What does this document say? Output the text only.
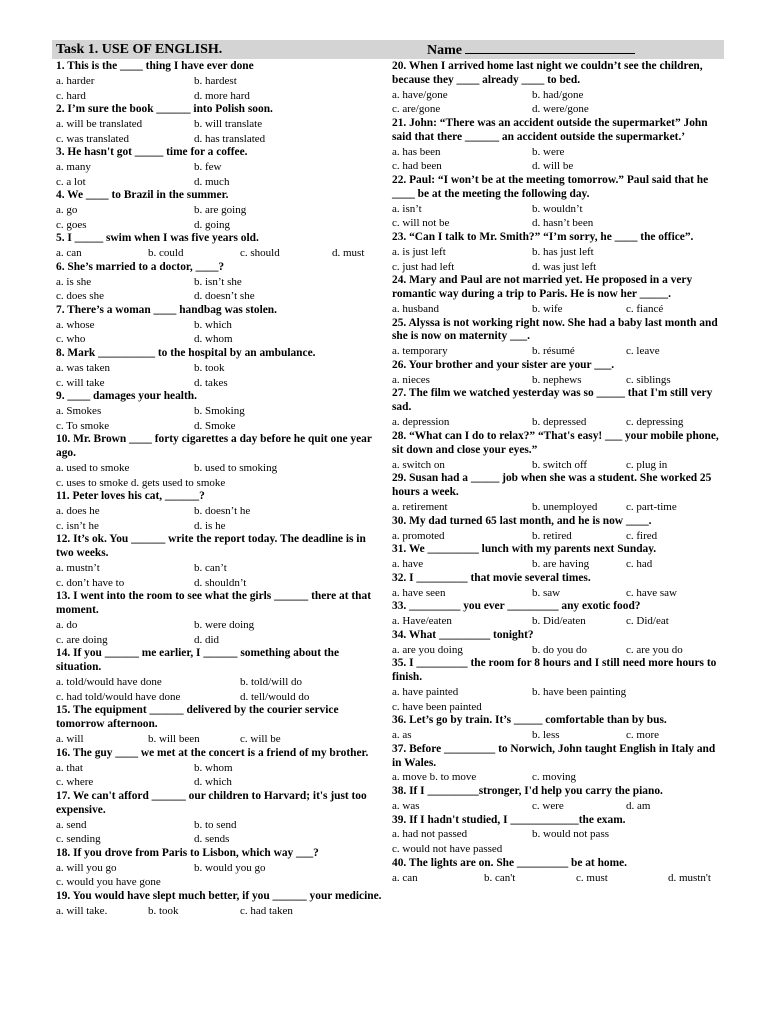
Task 1. USE OF ENGLISH.	Name
1. This is the ____ thing I have ever done
a. harder	b. hardest
c. hard	d. more hard
2. I’m sure the book ______ into Polish soon.
a. will be translated	b. will translate
c. was translated	d. has translated
3. He hasn't got _____ time for a coffee.
a. many	b. few
c. a lot	d. much
4. We ____ to Brazil in the summer.
a. go	b. are going
c. goes	d. going
5. I _____ swim when I was five years old.
a. can	b. could	c. should	d. must
6. She’s married to a doctor, ____?
a. is she	b. isn’t she
c. does she	d. doesn’t she
7. There’s a woman ____ handbag was stolen.
a. whose	b. which
c. who	d. whom
8. Mark __________ to the hospital by an ambulance.
a. was taken	b. took
c. will take	d. takes
9. ____ damages your health.
a. Smokes	b. Smoking
c. To smoke	d. Smoke
10. Mr. Brown ____ forty cigarettes a day before he quit one year ago.
a. used to smoke	b. used to smoking
c. uses to smoke d. gets used to smoke
11. Peter loves his cat, ______?
a. does he	b. doesn’t he
c. isn’t he	d. is he
12. It’s ok. You ______ write the report today. The deadline is in two weeks.
a. mustn’t	b. can’t
c. don’t have to	d. shouldn’t
13. I went into the room to see what the girls ______ there at that moment.
a. do	b. were doing
c. are doing	d. did
14. If you ______ me earlier, I ______ something about the situation.
a. told/would have done	b. told/will do
c. had told/would have done	d. tell/would do
15. The equipment ______ delivered by the courier service tomorrow afternoon.
a. will	b. will been	c. will be
16. The guy ____ we met at the concert is a friend of my brother.
a. that	b. whom
c. where	d. which
17. We can't afford ______ our children to Harvard; it's just too expensive.
a. send	b. to send
c. sending	d. sends
18. If you drove from Paris to Lisbon, which way ___?
a. will you go	b. would you go
c. would you have gone
19. You would have slept much better, if you ______ your medicine.
a. will take.	b. took	c. had taken
20. When I arrived home last night we couldn’t see the children, because they ____ already ____ to bed.
a. have/gone	b. had/gone
c. are/gone	d. were/gone
21. John: “There was an accident outside the supermarket” John said that there ______ an accident outside the supermarket.’
a. has been	b. were
c. had been	d. will be
22. Paul: “I won’t be at the meeting tomorrow.” Paul said that he ____ be at the meeting the following day.
a. isn’t	b. wouldn’t
c. will not be	d. hasn’t been
23. “Can I talk to Mr. Smith?” “I’m sorry, he ____ the office”.
a. is just left	b. has just left
c. just had left	d. was just left
24. Mary and Paul are not married yet. He proposed in a very romantic way during a trip to Paris. He is now her _____.
a. husband	b. wife	c. fiancé
25. Alyssa is not working right now. She had a baby last month and she is now on maternity ___.
a. temporary	b. résumé	c. leave
26. Your brother and your sister are your ___.
a. nieces	b. nephews	c. siblings
27. The film we watched yesterday was so _____ that I'm still very sad.
a. depression	b. depressed	c. depressing
28. “What can I do to relax?” “That's easy! ___ your mobile phone, sit down and close your eyes.”
a. switch on	b. switch off	c. plug in
29. Susan had a _____ job when she was a student. She worked 25 hours a week.
a. retirement	b. unemployed	c. part-time
30. My dad turned 65 last month, and he is now ____.
a. promoted	b. retired	c. fired
31. We _________ lunch with my parents next Sunday.
a. have	b. are having	c. had
32. I _________ that movie several times.
a. have seen	b. saw	c. have saw
33. _________ you ever _________ any exotic food?
a. Have/eaten	b. Did/eaten	c. Did/eat
34. What _________ tonight?
a. are you doing	b. do you do	c. are you do
35. I _________ the room for 8 hours and I still need more hours to finish.
a. have painted	b. have been painting
c. have been painted
36. Let’s go by train. It’s _____ comfortable than by bus.
a. as	b. less	c. more
37. Before _________ to Norwich, John taught English in Italy and in Wales.
a. move b. to move	c. moving
38. If I _________stronger, I'd help you carry the piano.
a. was	c. were	d. am
39. If I hadn't studied, I ____________the exam.
a. had not passed	b. would not pass
c. would not have passed
40. The lights are on. She _________ be at home.
a. can	b. can't	c. must	d. mustn't
